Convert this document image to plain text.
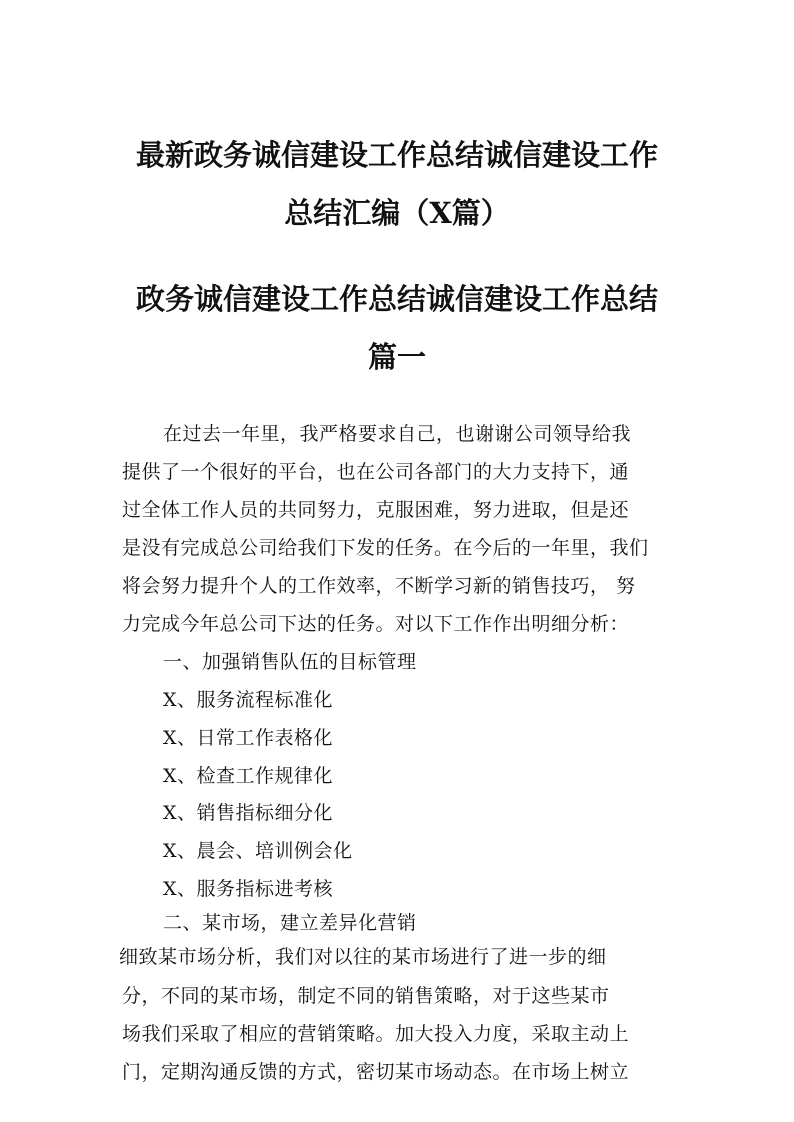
最新政务诚信建设工作总结诚信建设工作
总结汇编（X篇）
政务诚信建设工作总结诚信建设工作总结
篇一
在过去一年里，我严格要求自己，也谢谢公司领导给我
提供了一个很好的平台，也在公司各部门的大力支持下，通
过全体工作人员的共同努力，克服困难，努力进取，但是还
是没有完成总公司给我们下发的任务。在今后的一年里，我们
将会努力提升个人的工作效率，不断学习新的销售技巧， 努
力完成今年总公司下达的任务。对以下工作作出明细分析：
一、加强销售队伍的目标管理
X、服务流程标准化
X、日常工作表格化
X、检查工作规律化
X、销售指标细分化
X、晨会、培训例会化
X、服务指标进考核
二、某市场，建立差异化营销
细致某市场分析，我们对以往的某市场进行了进一步的细
分，不同的某市场，制定不同的销售策略，对于这些某市
场我们采取了相应的营销策略。加大投入力度，采取主动上
门，定期沟通反馈的方式，密切某市场动态。在市场上树立
